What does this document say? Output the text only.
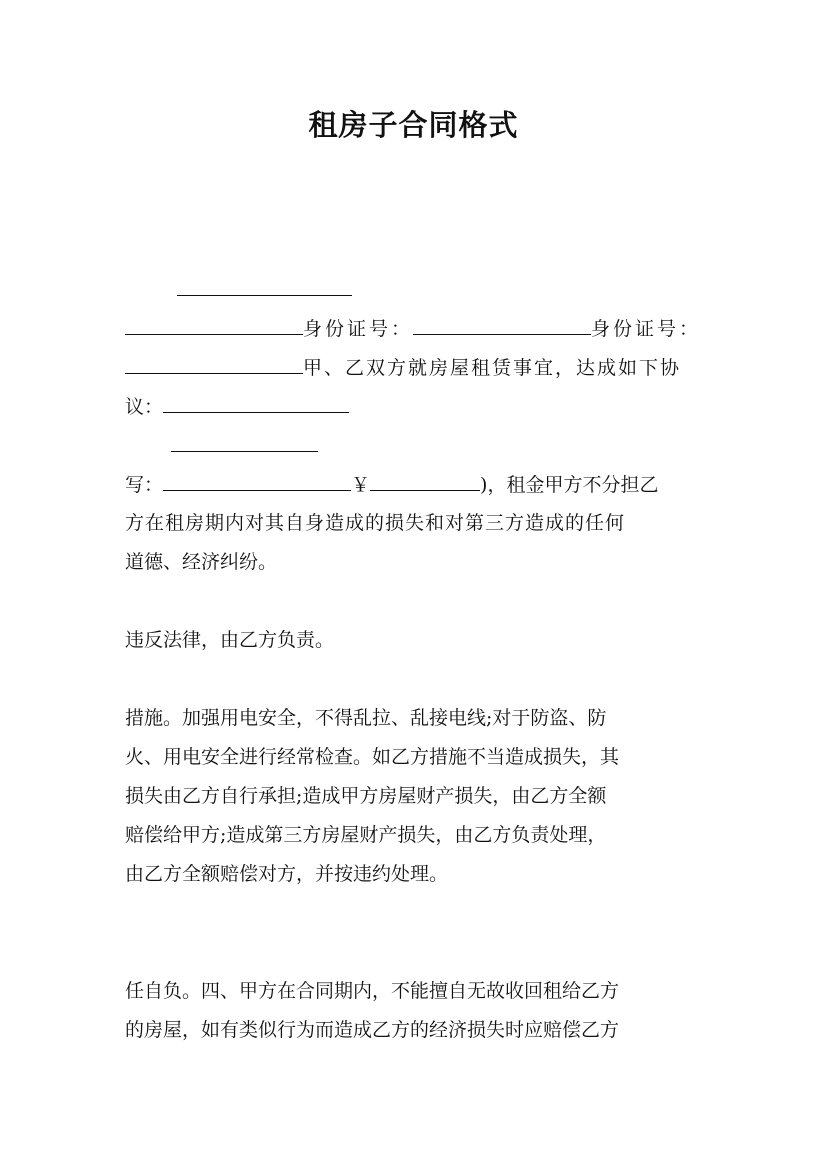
租房子合同格式
身份证号：	身份证号：
甲、乙双方就房屋租赁事宜，达成如下协
议：
写：	￥	)，租金甲方不分担乙
方在租房期内对其自身造成的损失和对第三方造成的任何
道德、经济纠纷。
违反法律，由乙方负责。
措施。加强用电安全，不得乱拉、乱接电线;对于防盗、防
火、用电安全进行经常检查。如乙方措施不当造成损失，其
损失由乙方自行承担;造成甲方房屋财产损失，由乙方全额
赔偿给甲方;造成第三方房屋财产损失，由乙方负责处理，
由乙方全额赔偿对方，并按违约处理。
任自负。四、甲方在合同期内，不能擅自无故收回租给乙方
的房屋，如有类似行为而造成乙方的经济损失时应赔偿乙方
